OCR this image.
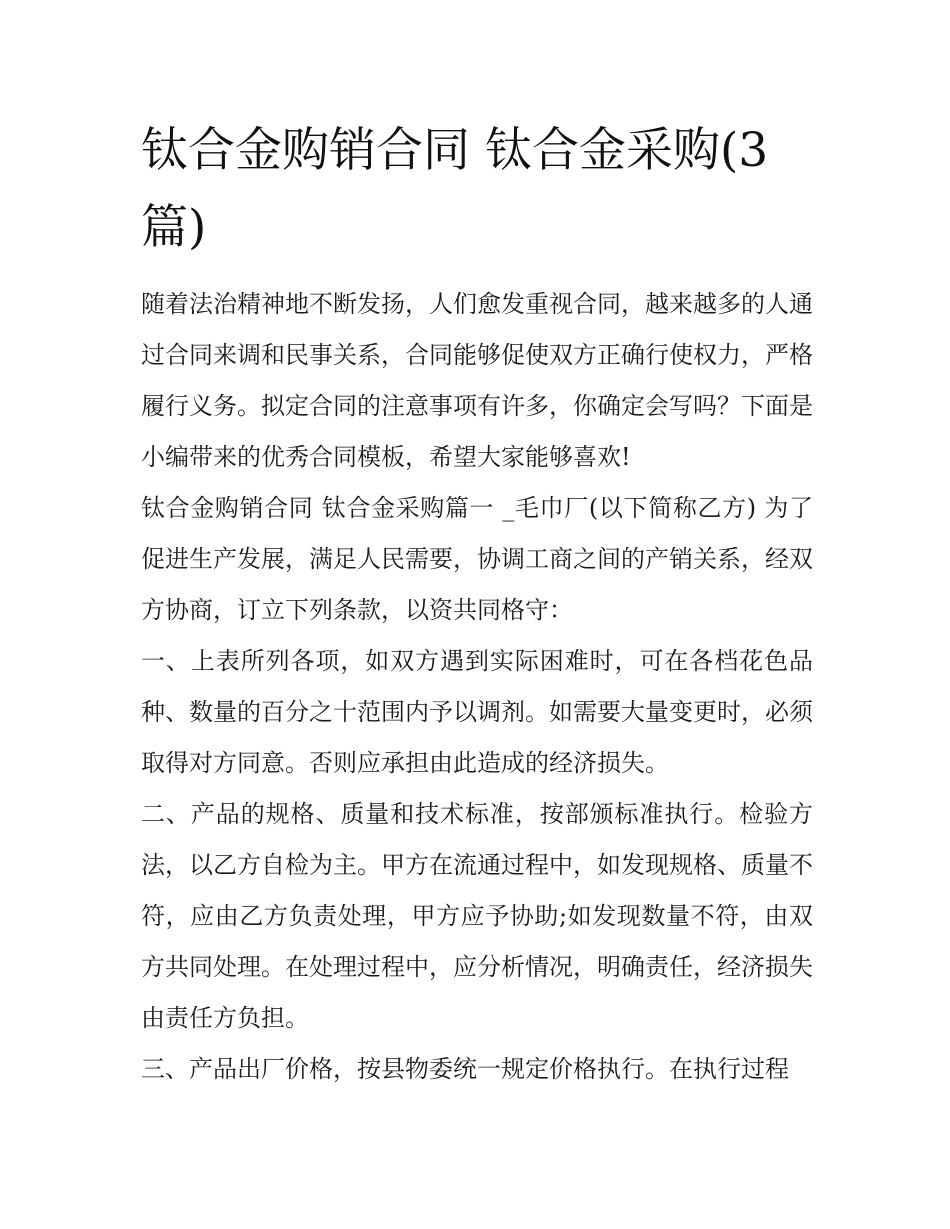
钛合金购销合同 钛合金采购(3篇)

随着法治精神地不断发扬，人们愈发重视合同，越来越多的人通过合同来调和民事关系，合同能够促使双方正确行使权力，严格履行义务。拟定合同的注意事项有许多，你确定会写吗？下面是小编带来的优秀合同模板，希望大家能够喜欢!

钛合金购销合同 钛合金采购篇一 _毛巾厂(以下简称乙方) 为了促进生产发展，满足人民需要，协调工商之间的产销关系，经双方协商，订立下列条款，以资共同格守：

一、上表所列各项，如双方遇到实际困难时，可在各档花色品种、数量的百分之十范围内予以调剂。如需要大量变更时，必须取得对方同意。否则应承担由此造成的经济损失。

二、产品的规格、质量和技术标准，按部颁标准执行。检验方法，以乙方自检为主。甲方在流通过程中，如发现规格、质量不符，应由乙方负责处理，甲方应予协助;如发现数量不符，由双方共同处理。在处理过程中，应分析情况，明确责任，经济损失由责任方负担。

三、产品出厂价格，按县物委统一规定价格执行。在执行过程
